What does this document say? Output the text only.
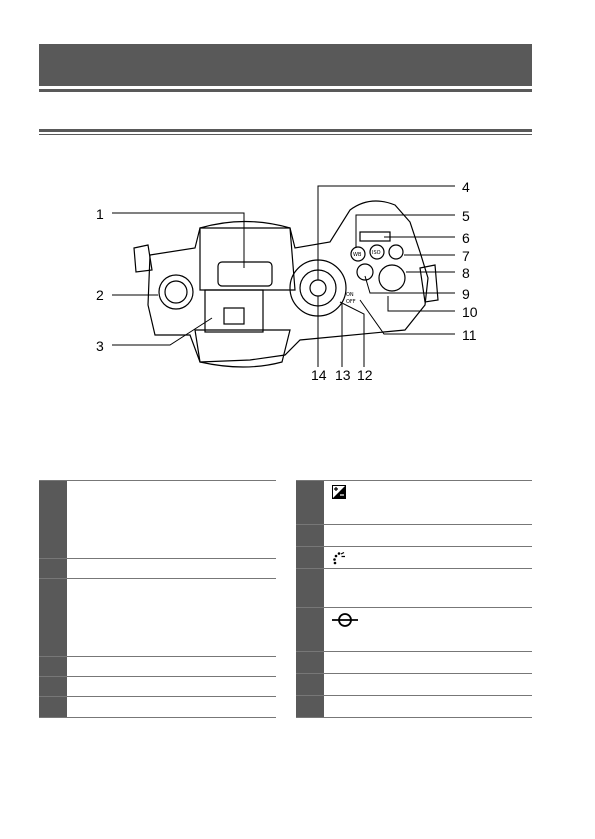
WB ISO
ON
OFF
1
2
3
4
5
6
7
8
9
10
11
12
13
14
